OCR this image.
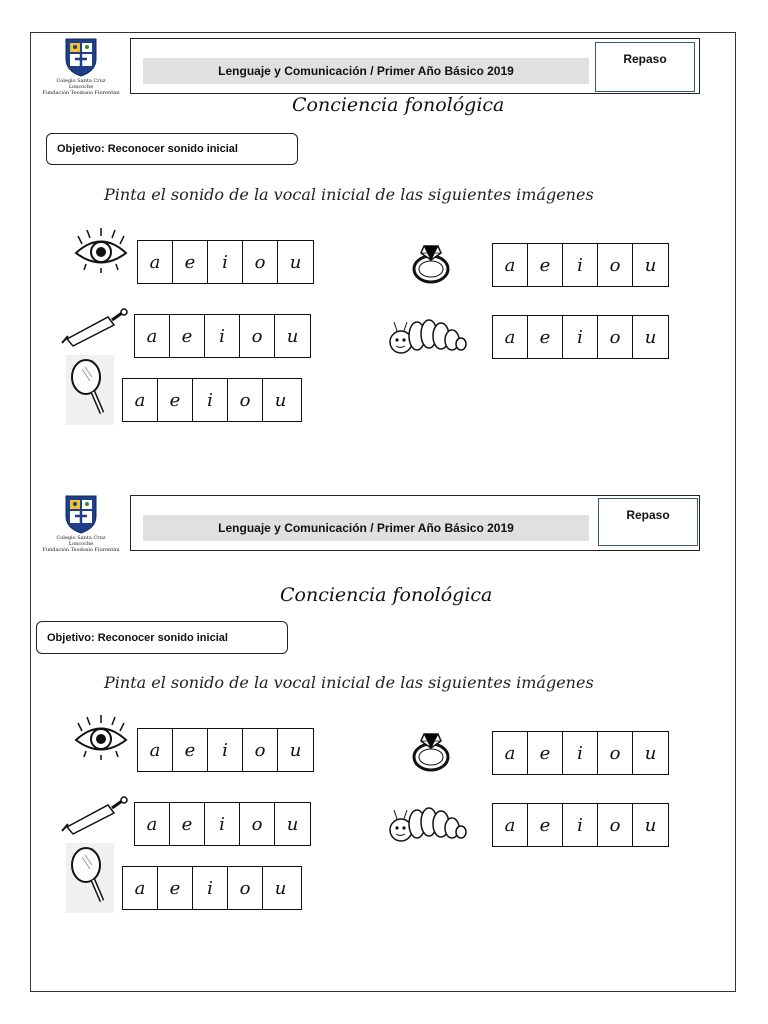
Colegio Santa Cruz
Loncoche
Fundación Teodosio Fiorentini
Lenguaje y Comunicación / Primer Año Básico 2019
Repaso
Conciencia fonológica
Objetivo: Reconocer sonido inicial
Pinta el sonido de la vocal inicial de las siguientes imágenes
a	e	i	o	u	a	e	i	o	u
a	e	i	o	u	a	e	i	o	u
a	e	i	o	u
Colegio Santa Cruz
Loncoche
Fundación Teodosio Fiorentini
Lenguaje y Comunicación / Primer Año Básico 2019
Repaso
Conciencia fonológica
Objetivo: Reconocer sonido inicial
Pinta el sonido de la vocal inicial de las siguientes imágenes
a	e	i	o	u	a	e	i	o	u
a	e	i	o	u	a	e	i	o	u
a	e	i	o	u
